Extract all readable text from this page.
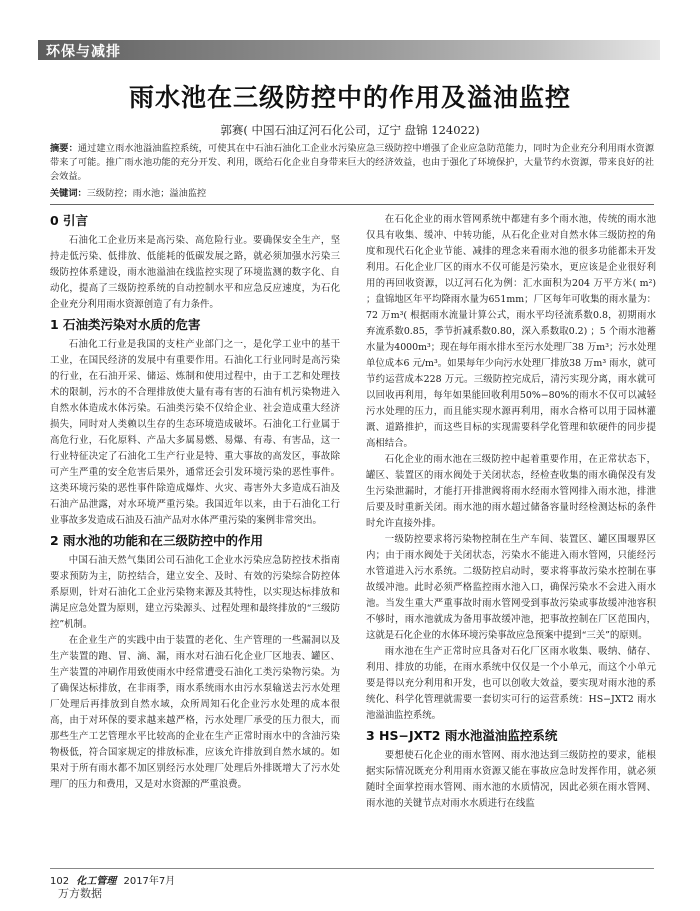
环保与减排
雨水池在三级防控中的作用及溢油监控
郭赛( 中国石油辽河石化公司，辽宁 盘锦 124022)
摘要：通过建立雨水池溢油监控系统，可使其在中石油石油化工企业水污染应急三级防控中增强了企业应急防范能力，同时为企业充分利用雨水资源带来了可能。推广雨水池功能的充分开发、利用，既给石化企业自身带来巨大的经济效益，也由于强化了环境保护，大量节约水资源，带来良好的社会效益。
关键词：三级防控；雨水池；溢油监控
0 引言

石油化工企业历来是高污染、高危险行业。要确保安全生产，坚持走低污染、低排放、低能耗的低碳发展之路，就必须加强水污染三级防控体系建设，雨水池溢油在线监控实现了环境监测的数字化、自动化，提高了三级防控系统的自动控制水平和应急反应速度，为石化企业充分利用雨水资源创造了有力条件。

1 石油类污染对水质的危害

石油化工行业是我国的支柱产业部门之一，是化学工业中的基干工业，在国民经济的发展中有重要作用。石油化工行业同时是高污染的行业，在石油开采、储运、炼制和使用过程中，由于工艺和处理技术的限制，污水的不合理排放使大量有毒有害的石油有机污染物进入自然水体造成水体污染。石油类污染不仅给企业、社会造成重大经济损失，同时对人类赖以生存的生态环境造成破坏。石油化工行业属于高危行业，石化原料、产品大多属易燃、易爆、有毒、有害品，这一行业特征决定了石油化工生产行业是特、重大事故的高发区，事故除可产生严重的安全危害后果外，通常还会引发环境污染的恶性事件。这类环境污染的恶性事件除造成爆炸、火灾、毒害外大多造成石油及石油产品泄露，对水环境严重污染。我国近年以来，由于石油化工行业事故多发造成石油及石油产品对水体严重污染的案例非常突出。

2 雨水池的功能和在三级防控中的作用

中国石油天然气集团公司石油化工企业水污染应急防控技术指南要求预防为主，防控结合，建立安全、及时、有效的污染综合防控体系原则，针对石油化工企业污染物来源及其特性，以实现达标排放和满足应急处置为原则，建立污染源头、过程处理和最终排放的“三级防控”机制。

在企业生产的实践中由于装置的老化、生产管理的一些漏洞以及生产装置的跑、冒、滴、漏，雨水对石油石化企业厂区地表、罐区、生产装置的冲刷作用致使雨水中经常遭受石油化工类污染物污染。为了确保达标排放，在非雨季，雨水系统雨水由污水泵输送去污水处理厂处理后再排放到自然水域，众所周知石化企业污水处理的成本很高，由于对环保的要求越来越严格，污水处理厂承受的压力很大，而那些生产工艺管理水平比较高的企业在生产正常时雨水中的含油污染物极低，符合国家规定的排放标准，应该允许排放到自然水域的。如果对于所有雨水都不加区别经污水处理厂处理后外排既增大了污水处理厂的压力和费用，又是对水资源的严重浪费。

在石化企业的雨水管网系统中都建有多个雨水池，传统的雨水池仅具有收集、缓冲、中转功能，从石化企业对自然水体三级防控的角度和现代石化企业节能、减排的理念来看雨水池的很多功能都未开发利用。石化企业厂区的雨水不仅可能是污染水，更应该是企业很好利用的再回收资源，以辽河石化为例：汇水面积为204 万平方米( m²) ；盘锦地区年平均降雨水量为651mm；厂区每年可收集的雨水量为：72 万m³( 根据雨水流量计算公式，雨水平均径流系数0.8，初期雨水弃流系数0.85，季节折减系数0.80，深入系数取0.2) ；5 个雨水池蓄水量为4000m³；现在每年雨水排水至污水处理厂38 万m³；污水处理单位成本6 元/m³。如果每年少向污水处理厂排放38 万m³ 雨水，就可节约运营成本228 万元。三级防控完成后，清污实现分离，雨水就可以回收再利用，每年如果能回收利用50%−80%的雨水不仅可以减轻污水处理的压力，而且能实现水源再利用，雨水合格可以用于园林灌溉、道路推护，而这些目标的实现需要科学化管理和软硬件的同步提高相结合。

石化企业的雨水池在三级防控中起着重要作用，在正常状态下，罐区、装置区的雨水阀处于关闭状态，经检查收集的雨水确保没有发生污染泄漏时，才能打开排泄阀将雨水经雨水管网排入雨水池，排泄后要及时重新关闭。雨水池的雨水超过储备容量时经检测达标的条件时允许直接外排。

一级防控要求将污染物控制在生产车间、装置区、罐区围堰界区内；由于雨水阀处于关闭状态，污染水不能进入雨水管网，只能经污水管道进入污水系统。二级防控启动时，要求将事故污染水控制在事故缓冲池。此时必须严格监控雨水池入口，确保污染水不会进入雨水池。当发生重大严重事故时雨水管网受到事故污染或事故缓冲池容积不够时，雨水池就成为备用事故缓冲池，把事故控制在厂区范围内，这就是石化企业的水体环境污染事故应急预案中提到“三关”的原则。

雨水池在生产正常时应具备对石化厂区雨水收集、吸纳、储存、利用、排放的功能，在雨水系统中仅仅是一个小单元，而这个小单元要是得以充分利用和开发，也可以创收大效益，要实现对雨水池的系统化、科学化管理就需要一套切实可行的运营系统：HS−JXT2 雨水池溢油监控系统。

3 HS−JXT2 雨水池溢油监控系统

要想使石化企业的雨水管网、雨水池达到三级防控的要求，能根据实际情况既充分利用雨水资源又能在事故应急时发挥作用，就必须随时全面掌控雨水管网、雨水池的水质情况，因此必须在雨水管网、雨水池的关键节点对雨水水质进行在线监

102 化工管理 2017年7月
万方数据
